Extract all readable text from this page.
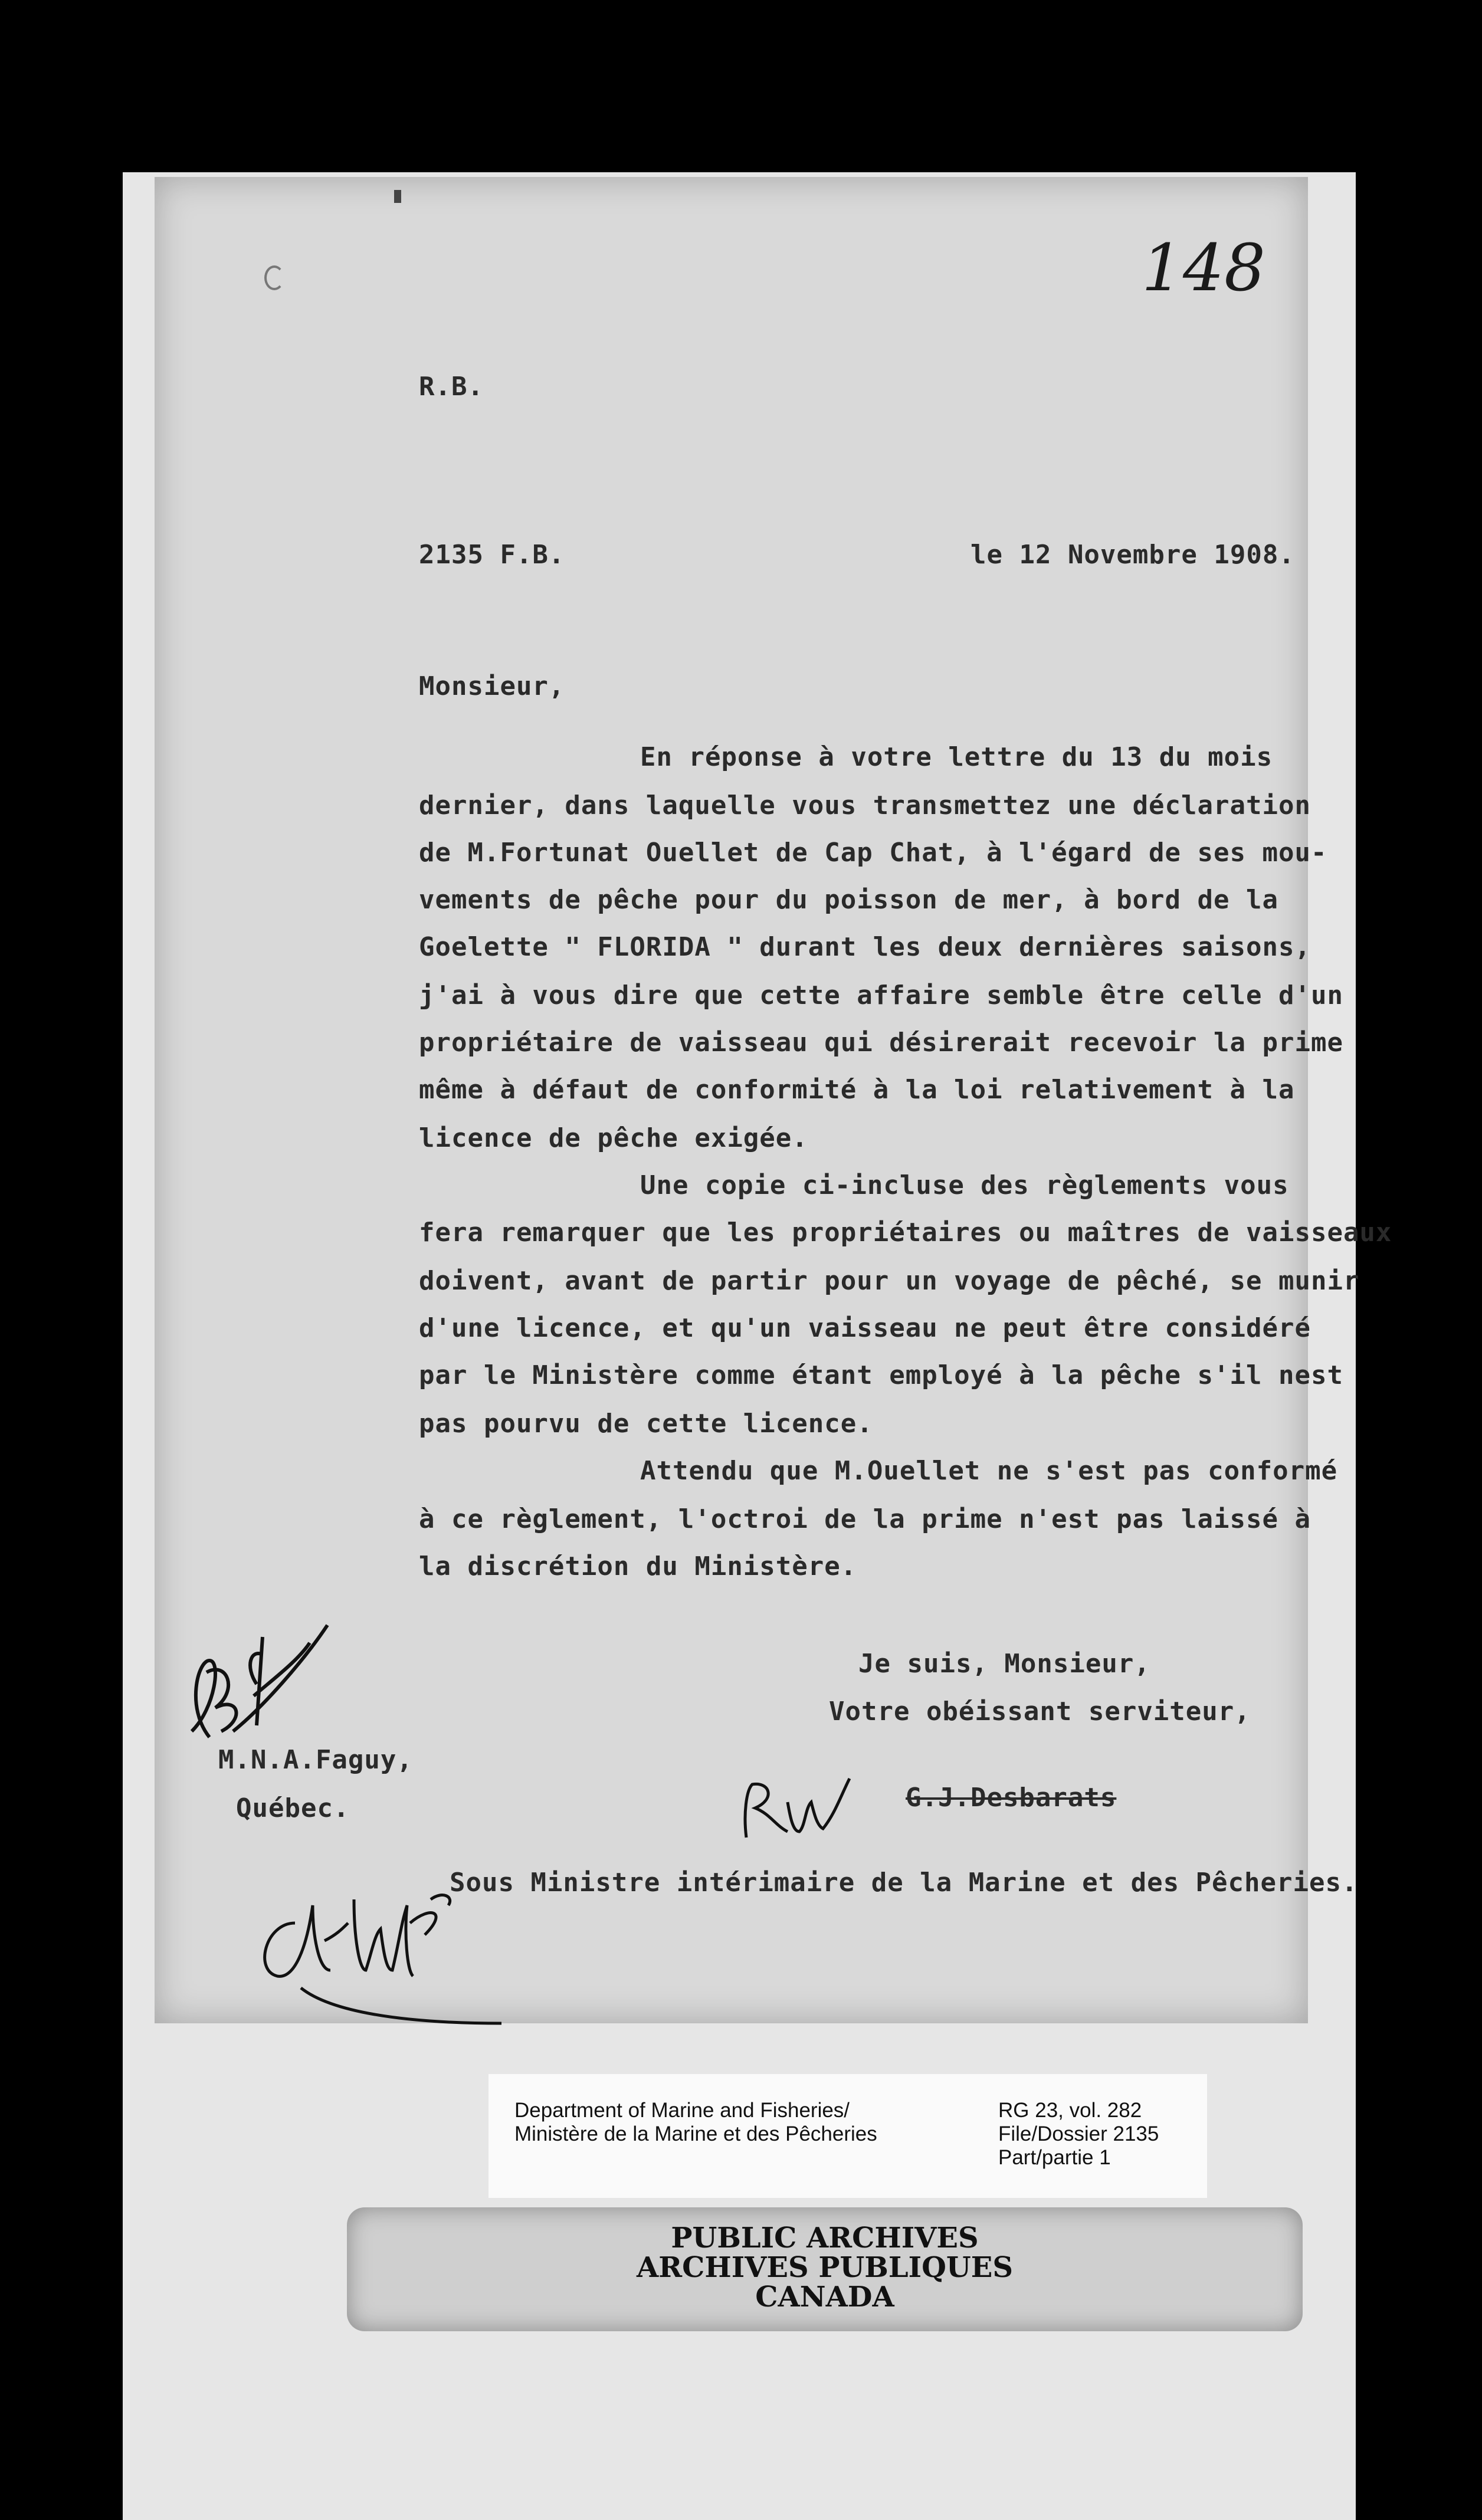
148
R.B.
2135 F.B.	le 12 Novembre 1908.
Monsieur,
En réponse à votre lettre du 13 du mois
dernier, dans laquelle vous transmettez une déclaration
de M.Fortunat Ouellet de Cap Chat, à l'égard de ses mou-
vements de pêche pour du poisson de mer, à bord de la
Goelette " FLORIDA " durant les deux dernières saisons,
j'ai à vous dire que cette affaire semble être celle d'un
propriétaire de vaisseau qui désirerait recevoir la prime
même à défaut de conformité à la loi relativement à la
licence de pêche exigée.
Une copie ci-incluse des règlements vous
fera remarquer que les propriétaires ou maîtres de vaisseaux
doivent, avant de partir pour un voyage de pêché, se munir
d'une licence, et qu'un vaisseau ne peut être considéré
par le Ministère comme étant employé à la pêche s'il nest
pas pourvu de cette licence.
Attendu que M.Ouellet ne s'est pas conformé
à ce règlement, l'octroi de la prime n'est pas laissé à
la discrétion du Ministère.
Je suis, Monsieur,
Votre obéissant serviteur,
M.N.A.Faguy,
Québec.	G.J.Desbarats
Sous Ministre intérimaire de la Marine et des Pêcheries.
Department of Marine and Fisheries/
Ministère de la Marine et des Pêcheries
RG 23, vol. 282
File/Dossier 2135
Part/partie 1
PUBLIC ARCHIVES
ARCHIVES PUBLIQUES
CANADA
